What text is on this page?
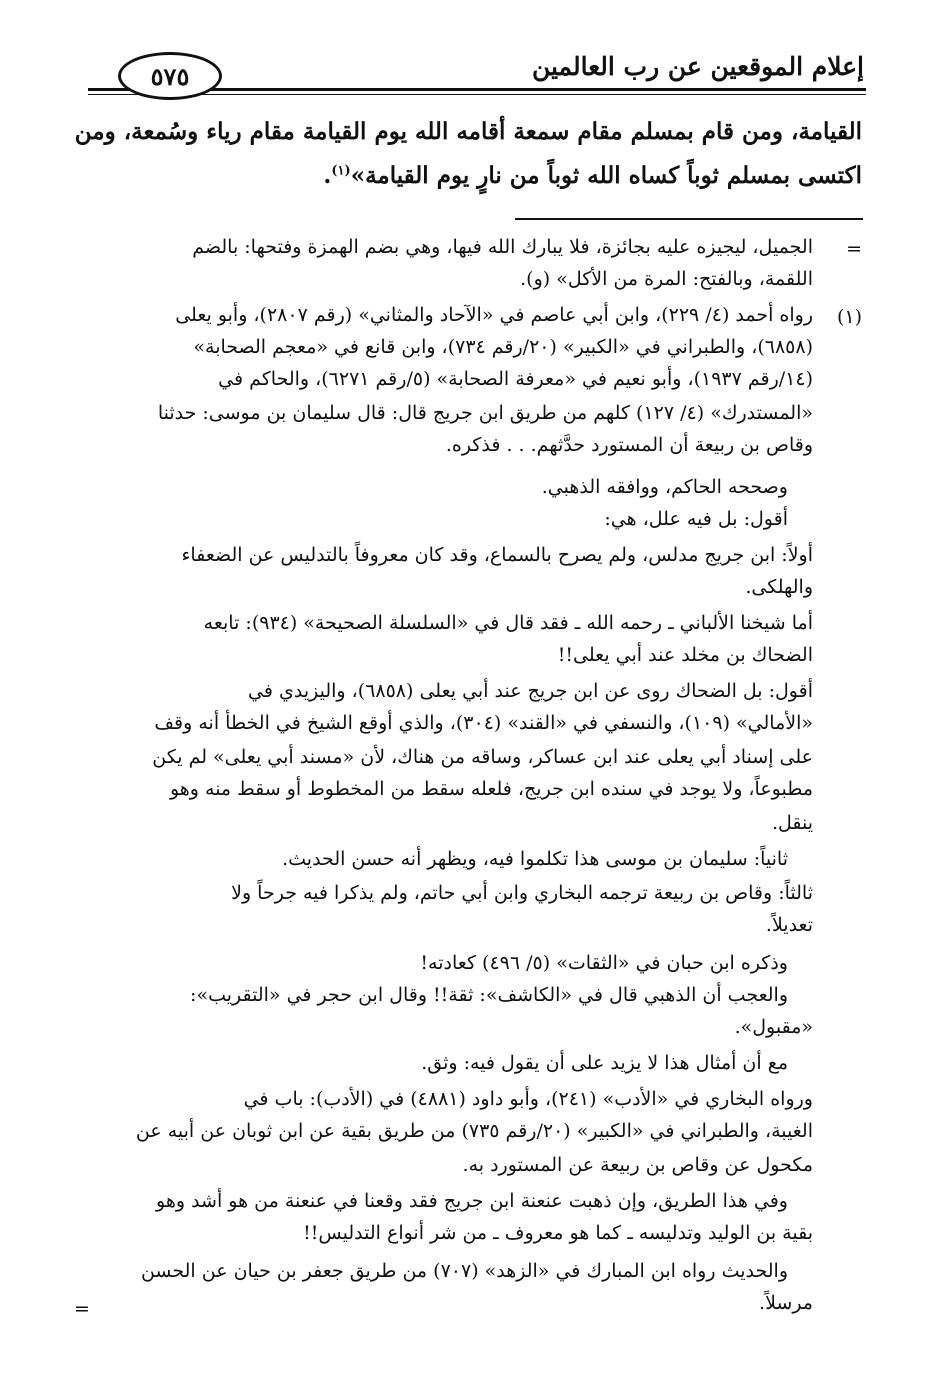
إعلام الموقعين عن رب العالمين
٥٧٥
القيامة، ومن قام بمسلم مقام سمعة أقامه الله يوم القيامة مقام رياء وسُمعة، ومن
اكتسى بمسلم ثوباً كساه الله ثوباً من نارٍ يوم القيامة»$^{(١)}$.
=
الجميل، ليجيزه عليه بجائزة، فلا يبارك الله فيها، وهي بضم الهمزة وفتحها: بالضم
اللقمة، وبالفتح: المرة من الأكل» (و).
(١)
رواه أحمد (٤/ ٢٢٩)، وابن أبي عاصم في «الآحاد والمثاني» (رقم ٢٨٠٧)، وأبو يعلى
(٦٨٥٨)، والطبراني في «الكبير» (٢٠/رقم ٧٣٤)، وابن قانع في «معجم الصحابة»
(١٤/رقم ١٩٣٧)، وأبو نعيم في «معرفة الصحابة» (٥/رقم ٦٢٧١)، والحاكم في
«المستدرك» (٤/ ١٢٧) كلهم من طريق ابن جريج قال: قال سليمان بن موسى: حدثنا
وقاص بن ربيعة أن المستورد حدَّثهم. . . فذكره.
وصححه الحاكم، ووافقه الذهبي.
أقول: بل فيه علل، هي:
أولاً: ابن جريج مدلس، ولم يصرح بالسماع، وقد كان معروفاً بالتدليس عن الضعفاء
والهلكى.
أما شيخنا الألباني ـ رحمه الله ـ فقد قال في «السلسلة الصحيحة» (٩٣٤): تابعه
الضحاك بن مخلد عند أبي يعلى!!
أقول: بل الضحاك روى عن ابن جريج عند أبي يعلى (٦٨٥٨)، واليزيدي في
«الأمالي» (١٠٩)، والنسفي في «القند» (٣٠٤)، والذي أوقع الشيخ في الخطأ أنه وقف
على إسناد أبي يعلى عند ابن عساكر، وساقه من هناك، لأن «مسند أبي يعلى» لم يكن
مطبوعاً، ولا يوجد في سنده ابن جريج، فلعله سقط من المخطوط أو سقط منه وهو
ينقل.
ثانياً: سليمان بن موسى هذا تكلموا فيه، ويظهر أنه حسن الحديث.
ثالثاً: وقاص بن ربيعة ترجمه البخاري وابن أبي حاتم، ولم يذكرا فيه جرحاً ولا
تعديلاً.
وذكره ابن حبان في «الثقات» (٥/ ٤٩٦) كعادته!
والعجب أن الذهبي قال في «الكاشف»: ثقة!! وقال ابن حجر في «التقريب»:
«مقبول».
مع أن أمثال هذا لا يزيد على أن يقول فيه: وثق.
ورواه البخاري في «الأدب» (٢٤١)، وأبو داود (٤٨٨١) في (الأدب): باب في
الغيبة، والطبراني في «الكبير» (٢٠/رقم ٧٣٥) من طريق بقية عن ابن ثوبان عن أبيه عن
مكحول عن وقاص بن ربيعة عن المستورد به.
وفي هذا الطريق، وإن ذهبت عنعنة ابن جريج فقد وقعنا في عنعنة من هو أشد وهو
بقية بن الوليد وتدليسه ـ كما هو معروف ـ من شر أنواع التدليس!!
والحديث رواه ابن المبارك في «الزهد» (٧٠٧) من طريق جعفر بن حيان عن الحسن
مرسلاً.
=
